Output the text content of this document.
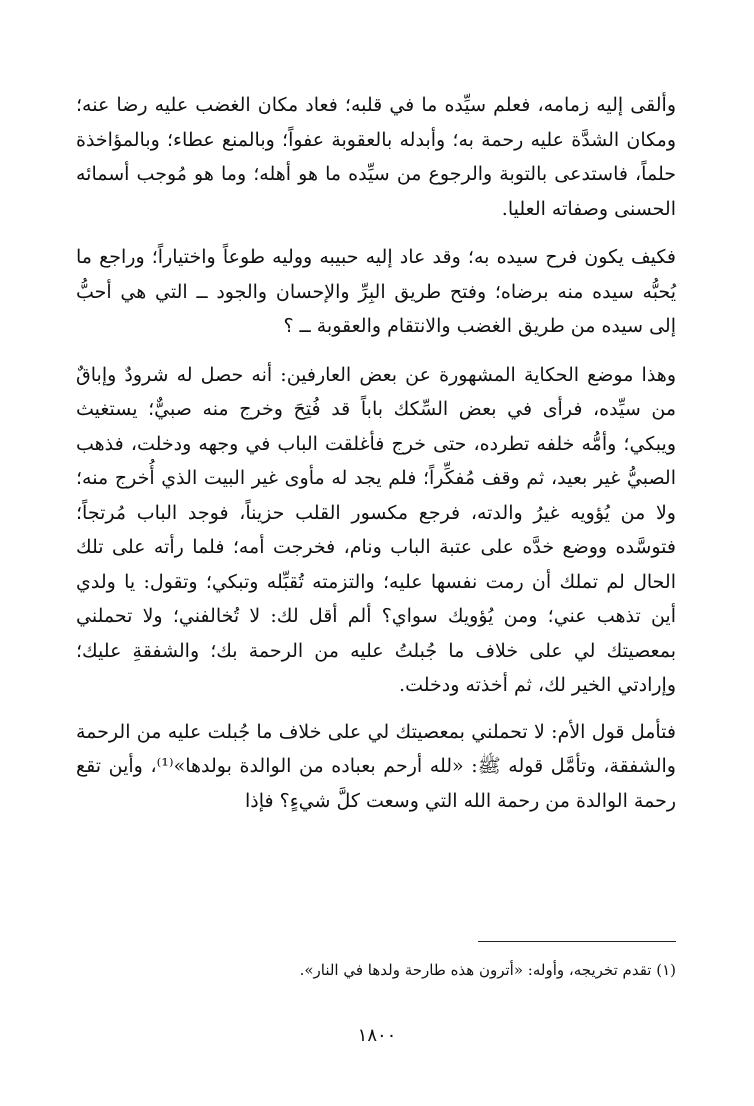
وألقى إليه زمامه، فعلم سيِّده ما في قلبه؛ فعاد مكان الغضب عليه رضا عنه؛ ومكان الشدَّة عليه رحمة به؛ وأبدله بالعقوبة عفواً؛ وبالمنع عطاء؛ وبالمؤاخذة حلماً، فاستدعى بالتوبة والرجوع من سيِّده ما هو أهله؛ وما هو مُوجب أسمائه الحسنى وصفاته العليا.

فكيف يكون فرح سيده به؛ وقد عاد إليه حبيبه ووليه طوعاً واختياراً؛ وراجع ما يُحبُّه سيده منه برضاه؛ وفتح طريق البِرِّ والإحسان والجود ــ التي هي أحبُّ إلى سيده من طريق الغضب والانتقام والعقوبة ــ ؟

وهذا موضع الحكاية المشهورة عن بعض العارفين: أنه حصل له شرودٌ وإباقٌ من سيِّده، فرأى في بعض السِّكك باباً قد فُتِحَ وخرج منه صبيٌّ؛ يستغيث ويبكي؛ وأمُّه خلفه تطرده، حتى خرج فأغلقت الباب في وجهه ودخلت، فذهب الصبيُّ غير بعيد، ثم وقف مُفكِّراً؛ فلم يجد له مأوى غير البيت الذي أُخرج منه؛ ولا من يُؤويه غيرُ والدته، فرجع مكسور القلب حزيناً، فوجد الباب مُرتجاً؛ فتوسَّده ووضع خدَّه على عتبة الباب ونام، فخرجت أمه؛ فلما رأته على تلك الحال لم تملك أن رمت نفسها عليه؛ والتزمته تُقبِّله وتبكي؛ وتقول: يا ولدي أين تذهب عني؛ ومن يُؤويك سواي؟ ألم أقل لك: لا تُخالفني؛ ولا تحملني بمعصيتك لي على خلاف ما جُبلتُ عليه من الرحمة بك؛ والشفقةِ عليك؛ وإرادتي الخير لك، ثم أخذته ودخلت.

فتأمل قول الأم: لا تحملني بمعصيتك لي على خلاف ما جُبلت عليه من الرحمة والشفقة، وتأمَّل قوله ﷺ: «لله أرحم بعباده من الوالدة بولدها»⁽¹⁾، وأين تقع رحمة الوالدة من رحمة الله التي وسعت كلَّ شيءٍ؟ فإذا

(١) تقدم تخريجه، وأوله: «أترون هذه طارحة ولدها في النار».

١٨٠٠
